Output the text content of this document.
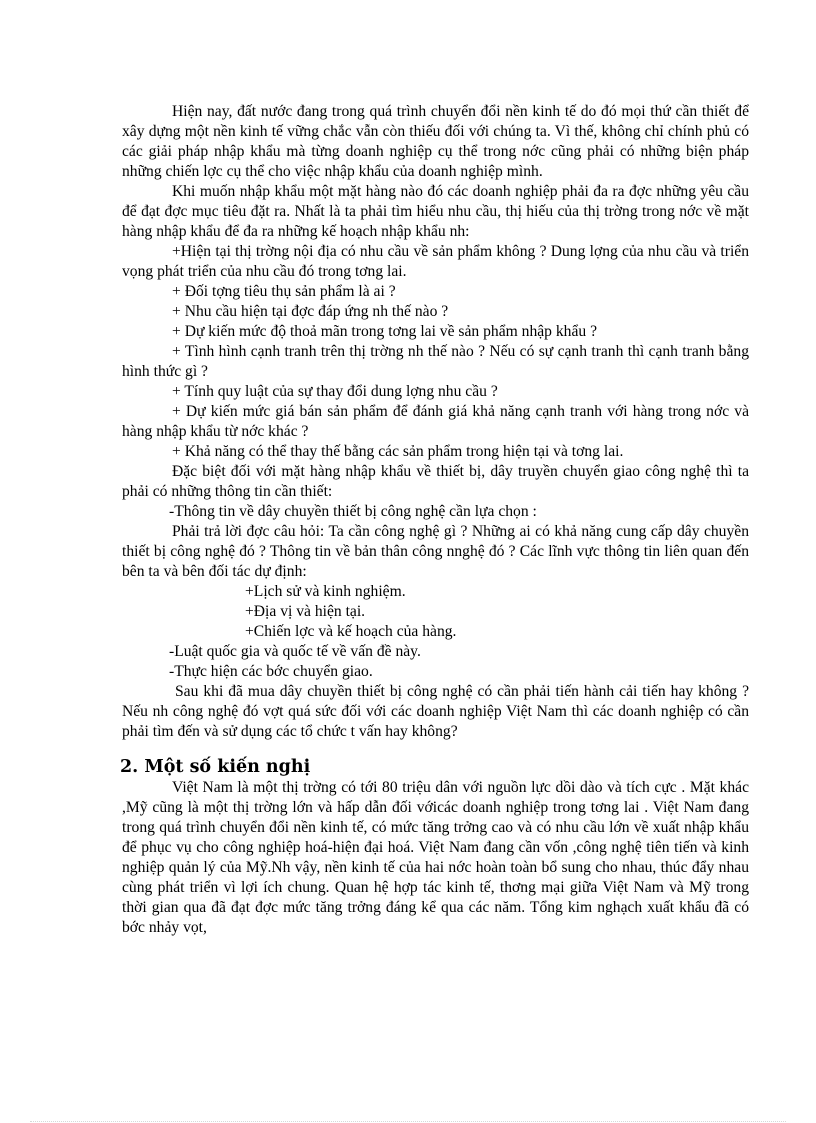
Hiện nay, đất nước đang trong quá trình chuyển đổi nền kinh tế do đó mọi thứ cần thiết để xây dựng một nền kinh tế vững chắc vẫn còn thiếu đối với chúng ta. Vì thế, không chỉ chính phủ có các giải pháp nhập khẩu mà từng doanh nghiệp cụ thể trong nớc cũng phải có những biện pháp những chiến lợc cụ thể cho việc nhập khẩu của doanh nghiệp mình.

Khi muốn nhập khẩu một mặt hàng nào đó các doanh nghiệp phải đa ra đợc những yêu cầu để đạt đợc mục tiêu đặt ra. Nhất là ta phải tìm hiểu nhu cầu, thị hiếu của thị trờng trong nớc về mặt hàng nhập khẩu để đa ra những kế hoạch nhập khẩu nh:

+Hiện tại thị trờng nội địa có nhu cầu về sản phẩm không ? Dung lợng của nhu cầu và triển vọng phát triển của nhu cầu đó trong tơng lai.

+ Đối tợng tiêu thụ sản phẩm là ai ?

+ Nhu cầu hiện tại đợc đáp ứng nh thế nào ?

+ Dự kiến mức độ thoả mãn trong tơng lai về sản phẩm nhập khẩu ?

+ Tình hình cạnh tranh trên thị trờng nh thế nào ? Nếu có sự cạnh tranh thì cạnh tranh bằng hình thức gì ?

+ Tính quy luật của sự thay đổi dung lợng nhu cầu ?

+ Dự kiến mức giá bán sản phẩm để đánh giá khả năng cạnh tranh với hàng trong nớc và hàng nhập khẩu từ nớc khác ?

+ Khả năng có thể thay thế bằng các sản phẩm trong hiện tại và tơng lai.

Đặc biệt đối với mặt hàng nhập khẩu về thiết bị, dây truyền chuyển giao công nghệ thì ta phải có những thông tin cần thiết:

-Thông tin về dây chuyền thiết bị công nghệ cần lựa chọn :

Phải trả lời đợc câu hỏi: Ta cần công nghệ gì ? Những ai có khả năng cung cấp dây chuyền thiết bị công nghệ đó ? Thông tin về bản thân công nnghệ đó ? Các lĩnh vực thông tin liên quan đến bên ta và bên đối tác dự định:

+Lịch sử và kinh nghiệm.

+Địa vị và hiện tại.

+Chiến lợc và kế hoạch của hàng.

-Luật quốc gia và quốc tế về vấn đề này.

-Thực hiện các bớc chuyển giao.

Sau khi đã mua dây chuyền thiết bị công nghệ có cần phải tiến hành cải tiến hay không ? Nếu nh công nghệ đó vợt quá sức đối với các doanh nghiệp Việt Nam thì các doanh nghiệp có cần phải tìm đến và sử dụng các tổ chức t vấn hay không?

2. Một số kiến nghị

Việt Nam là một thị trờng có tới 80 triệu dân với nguồn lực dồi dào và tích cực . Mặt khác ,Mỹ cũng là một thị trờng lớn và hấp dẫn đối vớicác doanh nghiệp trong tơng lai . Việt Nam đang trong quá trình chuyển đổi nền kinh tế, có mức tăng trởng cao và có nhu cầu lớn về xuất nhập khẩu để phục vụ cho công nghiệp hoá-hiện đại hoá. Việt Nam đang cần vốn ,công nghệ tiên tiến và kinh nghiệp quản lý của Mỹ.Nh vậy, nền kinh tế của hai nớc hoàn toàn bổ sung cho nhau, thúc đẩy nhau cùng phát triển vì lợi ích chung. Quan hệ hợp tác kinh tế, thơng mại giữa Việt Nam và Mỹ trong thời gian qua đã đạt đợc mức tăng trởng đáng kể qua các năm. Tổng kim nghạch xuất khẩu đã có bớc nhảy vọt,
